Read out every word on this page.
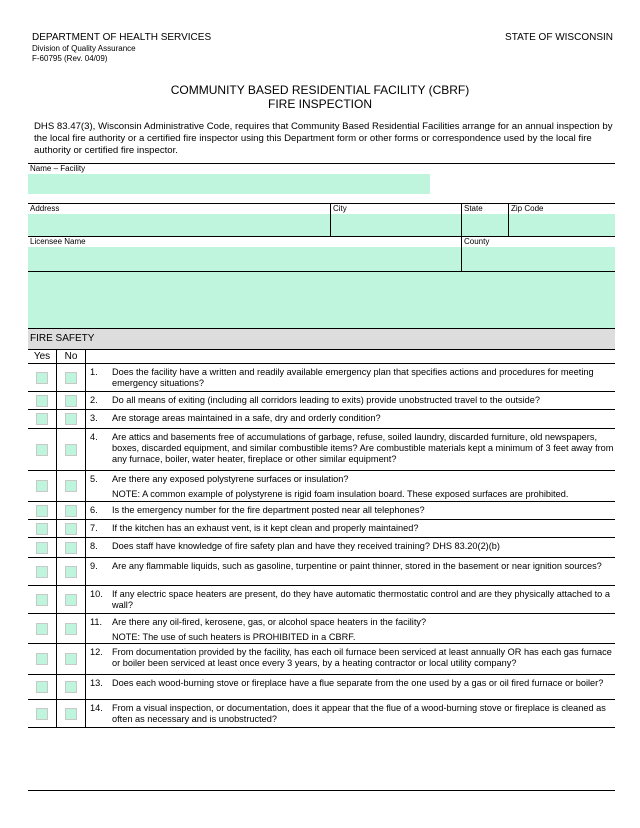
DEPARTMENT OF HEALTH SERVICES
Division of Quality Assurance
F-60795 (Rev. 04/09)
STATE OF WISCONSIN
COMMUNITY BASED RESIDENTIAL FACILITY (CBRF)
FIRE INSPECTION
DHS 83.47(3), Wisconsin Administrative Code, requires that Community Based Residential Facilities arrange for an annual inspection by the local fire authority or a certified fire inspector using this Department form or other forms or correspondence used by the local fire authority or certified fire inspector.
Name – Facility
Address	City	State	Zip Code
Licensee Name	County
FIRE SAFETY
Yes	No
1.	Does the facility have a written and readily available emergency plan that specifies actions and procedures for meeting emergency situations?
2.	Do all means of exiting (including all corridors leading to exits) provide unobstructed travel to the outside?
3.	Are storage areas maintained in a safe, dry and orderly condition?
4.	Are attics and basements free of accumulations of garbage, refuse, soiled laundry, discarded furniture, old newspapers, boxes, discarded equipment, and similar combustible items? Are combustible materials kept a minimum of 3 feet away from any furnace, boiler, water heater, fireplace or other similar equipment?
5.	Are there any exposed polystyrene surfaces or insulation?
NOTE: A common example of polystyrene is rigid foam insulation board. These exposed surfaces are prohibited.
6.	Is the emergency number for the fire department posted near all telephones?
7.	If the kitchen has an exhaust vent, is it kept clean and properly maintained?
8.	Does staff have knowledge of fire safety plan and have they received training? DHS 83.20(2)(b)
9.	Are any flammable liquids, such as gasoline, turpentine or paint thinner, stored in the basement or near ignition sources?
10.	If any electric space heaters are present, do they have automatic thermostatic control and are they physically attached to a wall?
11.	Are there any oil-fired, kerosene, gas, or alcohol space heaters in the facility?
NOTE: The use of such heaters is PROHIBITED in a CBRF.
12.	From documentation provided by the facility, has each oil furnace been serviced at least annually OR has each gas furnace or boiler been serviced at least once every 3 years, by a heating contractor or local utility company?
13.	Does each wood-burning stove or fireplace have a flue separate from the one used by a gas or oil fired furnace or boiler?
14.	From a visual inspection, or documentation, does it appear that the flue of a wood-burning stove or fireplace is cleaned as often as necessary and is unobstructed?
